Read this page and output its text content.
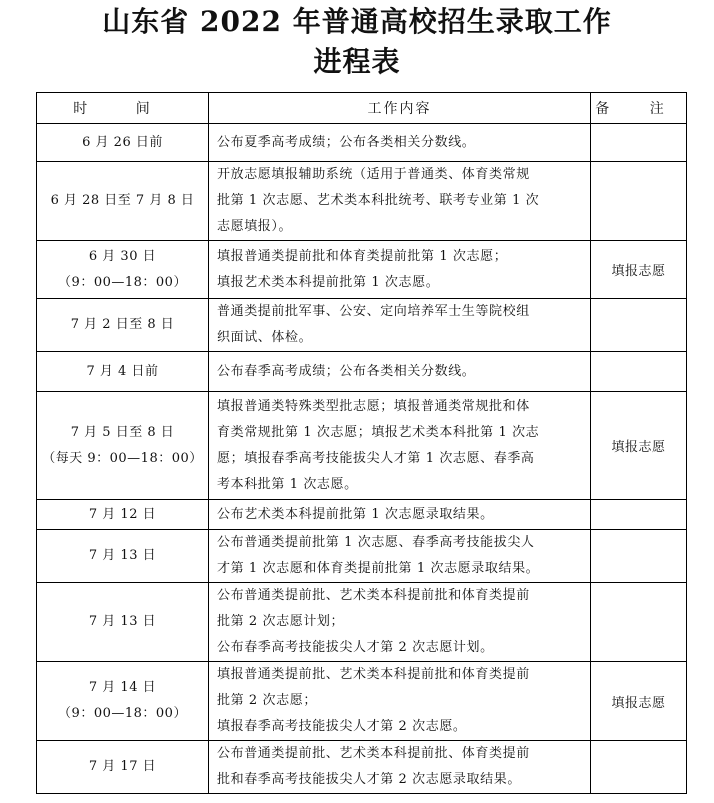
山东省 2022 年普通高校招生录取工作
进程表
时 间	工作内容	备 注

6 月 26 日前	公布夏季高考成绩；公布各类相关分数线。	

6 月 28 日至 7 月 8 日	开放志愿填报辅助系统（适用于普通类、体育类常规
批第 1 次志愿、艺术类本科批统考、联考专业第 1 次
志愿填报）。	

6 月 30 日
（9：00—18：00）	填报普通类提前批和体育类提前批第 1 次志愿；
填报艺术类本科提前批第 1 次志愿。	填报志愿

7 月 2 日至 8 日	普通类提前批军事、公安、定向培养军士生等院校组
织面试、体检。	

7 月 4 日前	公布春季高考成绩；公布各类相关分数线。	

7 月 5 日至 8 日
（每天 9：00—18：00）	填报普通类特殊类型批志愿；填报普通类常规批和体
育类常规批第 1 次志愿；填报艺术类本科批第 1 次志
愿；填报春季高考技能拔尖人才第 1 次志愿、春季高
考本科批第 1 次志愿。	填报志愿

7 月 12 日	公布艺术类本科提前批第 1 次志愿录取结果。	

7 月 13 日	公布普通类提前批第 1 次志愿、春季高考技能拔尖人
才第 1 次志愿和体育类提前批第 1 次志愿录取结果。	

7 月 13 日	公布普通类提前批、艺术类本科提前批和体育类提前
批第 2 次志愿计划；
公布春季高考技能拔尖人才第 2 次志愿计划。	

7 月 14 日
（9：00—18：00）	填报普通类提前批、艺术类本科提前批和体育类提前
批第 2 次志愿；
填报春季高考技能拔尖人才第 2 次志愿。	填报志愿

7 月 17 日	公布普通类提前批、艺术类本科提前批、体育类提前
批和春季高考技能拔尖人才第 2 次志愿录取结果。	
